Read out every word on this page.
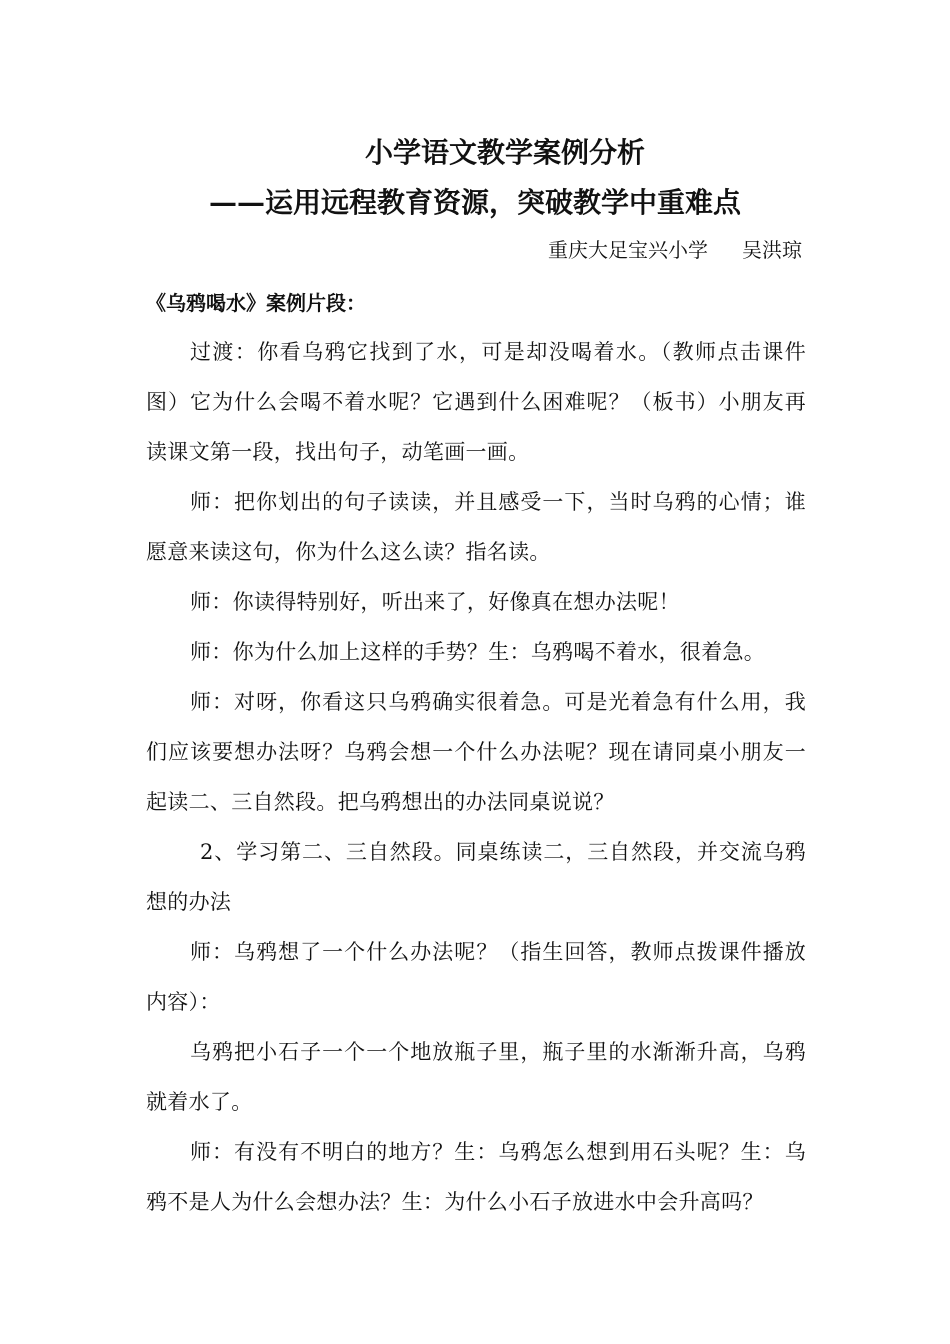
小学语文教学案例分析
——运用远程教育资源，突破教学中重难点
重庆大足宝兴小学 吴洪琼
《乌鸦喝水》案例片段：

过渡：你看乌鸦它找到了水，可是却没喝着水。（教师点击课件图）它为什么会喝不着水呢？它遇到什么困难呢？（板书）小朋友再读课文第一段，找出句子，动笔画一画。

师：把你划出的句子读读，并且感受一下，当时乌鸦的心情；谁愿意来读这句，你为什么这么读？指名读。

师：你读得特别好，听出来了，好像真在想办法呢！

师：你为什么加上这样的手势？生：乌鸦喝不着水，很着急。

师：对呀，你看这只乌鸦确实很着急。可是光着急有什么用，我们应该要想办法呀？乌鸦会想一个什么办法呢？现在请同桌小朋友一起读二、三自然段。把乌鸦想出的办法同桌说说？

2、学习第二、三自然段。同桌练读二，三自然段，并交流乌鸦想的办法

师：乌鸦想了一个什么办法呢？（指生回答，教师点拨课件播放内容）：

乌鸦把小石子一个一个地放瓶子里，瓶子里的水渐渐升高，乌鸦就着水了。

师：有没有不明白的地方？生：乌鸦怎么想到用石头呢？生：乌鸦不是人为什么会想办法？生：为什么小石子放进水中会升高吗？
